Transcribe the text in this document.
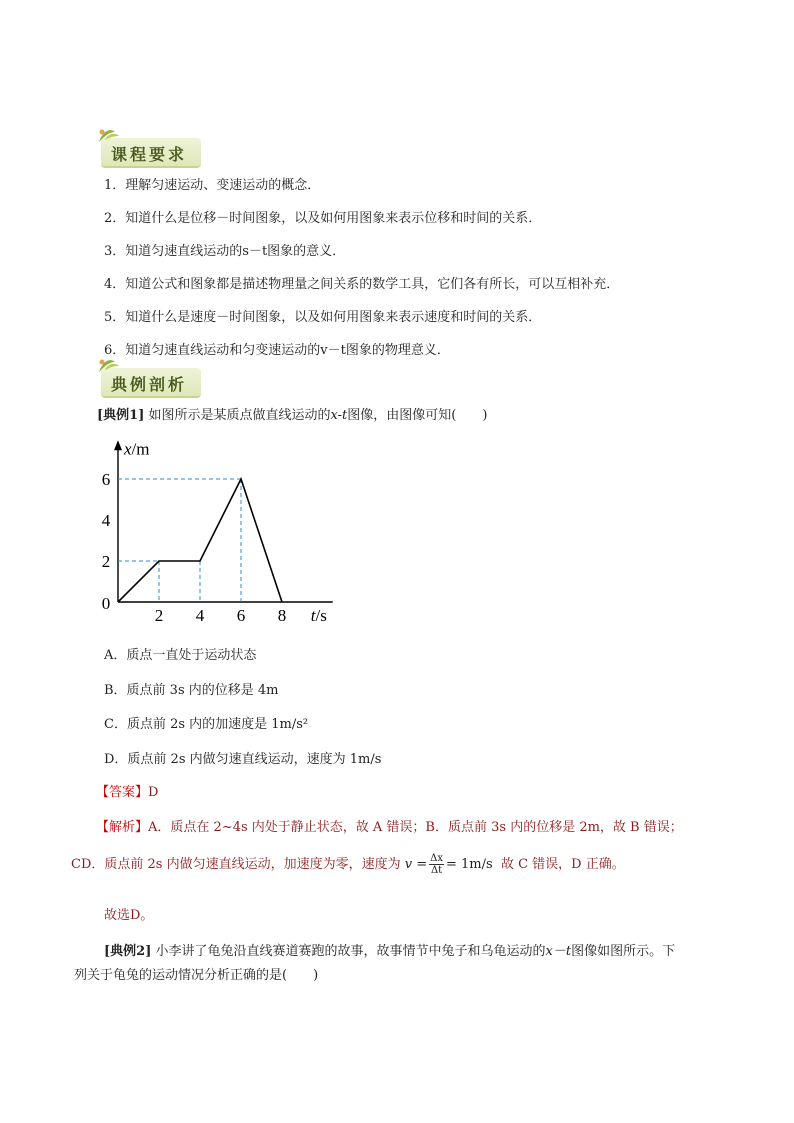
课程要求
1．理解匀速运动、变速运动的概念．
2．知道什么是位移－时间图象，以及如何用图象来表示位移和时间的关系．
3．知道匀速直线运动的s－t图象的意义．
4．知道公式和图象都是描述物理量之间关系的数学工具，它们各有所长，可以互相补充．
5．知道什么是速度－时间图象，以及如何用图象来表示速度和时间的关系．
6．知道匀速直线运动和匀变速运动的v－t图象的物理意义．
典例剖析
[典例1] 如图所示是某质点做直线运动的x-t图像，由图像可知(　　)
2 4 6 8
2
4
6
0
x/m
t/s
A．质点一直处于运动状态
B．质点前 3s 内的位移是 4m
C．质点前 2s 内的加速度是 1m/s²
D．质点前 2s 内做匀速直线运动，速度为 1m/s
【答案】D
【解析】A．质点在 2~4s 内处于静止状态，故 A 错误；B．质点前 3s 内的位移是 2m，故 B 错误；
CD．质点前 2s 内做匀速直线运动，加速度为零，速度为 $v = \frac{\Delta x}{\Delta t} = 1m/s$ 故 C 错误，D 正确。
故选D。
[典例2] 小李讲了龟兔沿直线赛道赛跑的故事，故事情节中兔子和乌龟运动的x－t图像如图所示。下
列关于龟兔的运动情况分析正确的是(　　)
